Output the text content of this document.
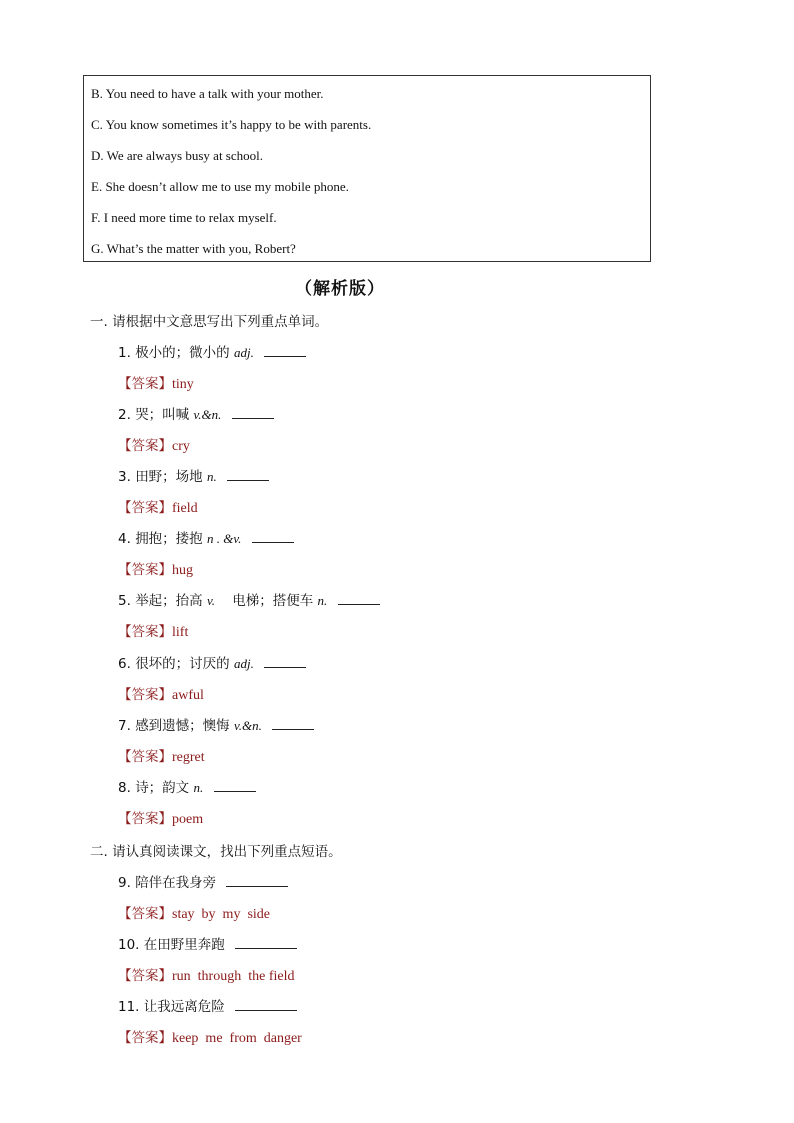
B. You need to have a talk with your mother.
C. You know sometimes it’s happy to be with parents.
D. We are always busy at school.
E. She doesn’t allow me to use my mobile phone.
F. I need more time to relax myself.
G. What’s the matter with you, Robert?
（解析版）
一. 请根据中文意思写出下列重点单词。
1. 极小的；微小的 adj.
【答案】tiny
2. 哭；叫喊 v.&n.
【答案】cry
3. 田野；场地 n.
【答案】field
4. 拥抱；搂抱 n . &v.
【答案】hug
5. 举起；抬高 v. 电梯；搭便车 n.
【答案】lift
6. 很坏的；讨厌的 adj.
【答案】awful
7. 感到遗憾；懊悔 v.&n.
【答案】regret
8. 诗；韵文 n.
【答案】poem
二. 请认真阅读课文，找出下列重点短语。
9. 陪伴在我身旁
【答案】stay  by  my  side
10. 在田野里奔跑
【答案】run  through  the field
11. 让我远离危险
【答案】keep  me  from  danger
